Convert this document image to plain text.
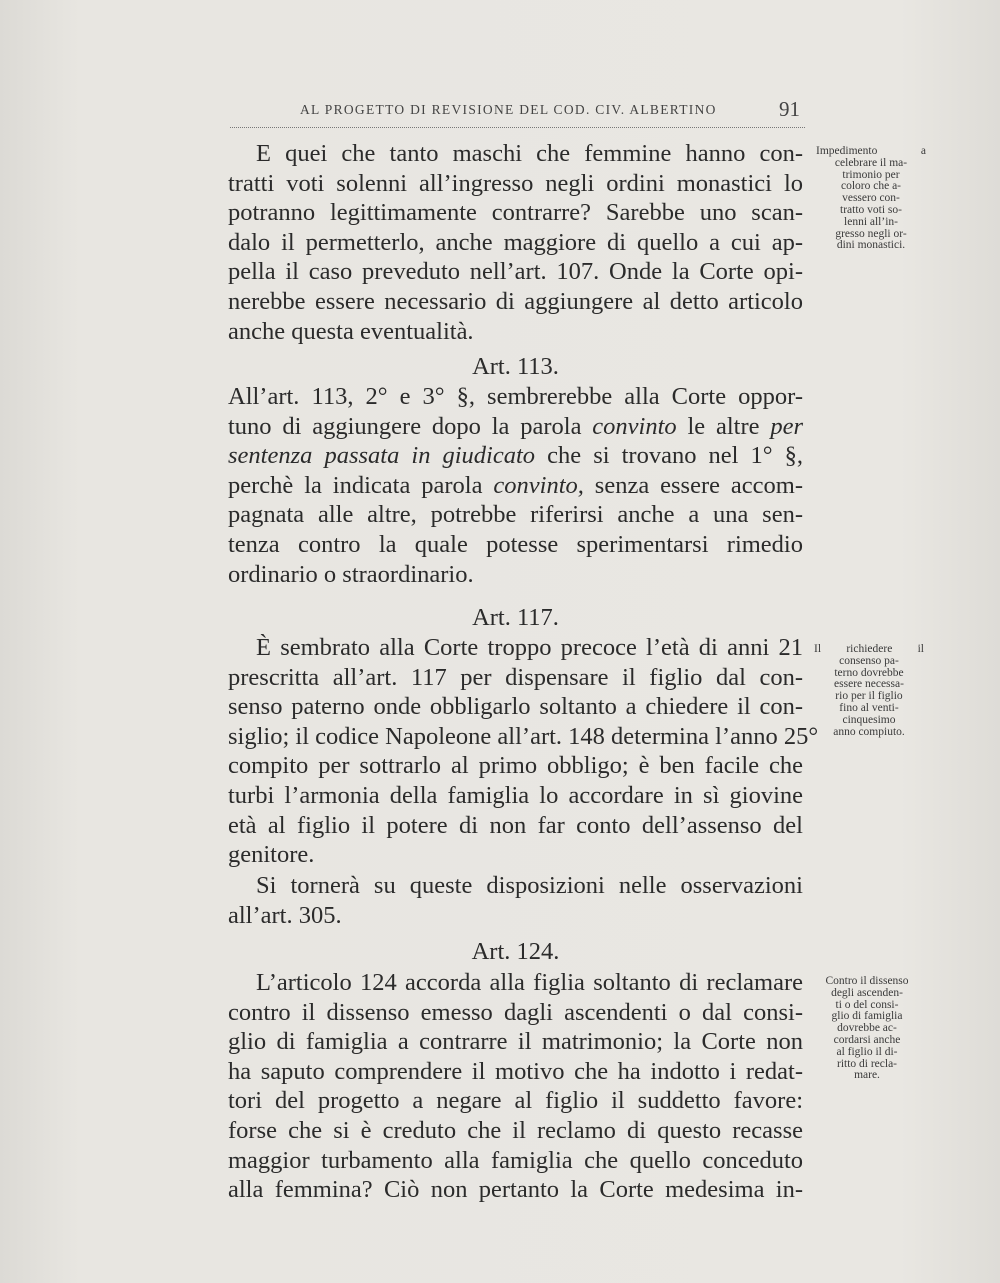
AL PROGETTO DI REVISIONE DEL COD. CIV. ALBERTINO	91
E quei che tanto maschi che femmine hanno con-
tratti voti solenni all’ingresso negli ordini monastici lo
potranno legittimamente contrarre? Sarebbe uno scan-
dalo il permetterlo, anche maggiore di quello a cui ap-
pella il caso preveduto nell’art. 107. Onde la Corte opi-
nerebbe essere necessario di aggiungere al detto articolo
anche questa eventualità.
Art. 113.
All’art. 113, 2° e 3° §, sembrerebbe alla Corte oppor-
tuno di aggiungere dopo la parola convinto le altre per
sentenza passata in giudicato che si trovano nel 1° §,
perchè la indicata parola convinto, senza essere accom-
pagnata alle altre, potrebbe riferirsi anche a una sen-
tenza contro la quale potesse sperimentarsi rimedio
ordinario o straordinario.
Art. 117.
È sembrato alla Corte troppo precoce l’età di anni 21
prescritta all’art. 117 per dispensare il figlio dal con-
senso paterno onde obbligarlo soltanto a chiedere il con-
siglio; il codice Napoleone all’art. 148 determina l’anno 25°
compito per sottrarlo al primo obbligo; è ben facile che
turbi l’armonia della famiglia lo accordare in sì giovine
età al figlio il potere di non far conto dell’assenso del
genitore.
Si tornerà su queste disposizioni nelle osservazioni
all’art. 305.
Art. 124.
L’articolo 124 accorda alla figlia soltanto di reclamare
contro il dissenso emesso dagli ascendenti o dal consi-
glio di famiglia a contrarre il matrimonio; la Corte non
ha saputo comprendere il motivo che ha indotto i redat-
tori del progetto a negare al figlio il suddetto favore:
forse che si è creduto che il reclamo di questo recasse
maggior turbamento alla famiglia che quello conceduto
alla femmina? Ciò non pertanto la Corte medesima in-
Impedimento a
celebrare il ma-
trimonio per
coloro che a-
vessero con-
tratto voti so-
lenni all’in-
gresso negli or-
dini monastici.
Il richiedere il
consenso pa-
terno dovrebbe
essere necessa-
rio per il figlio
fino al venti-
cinquesimo
anno compiuto.
Contro il dissenso
degli ascenden-
ti o del consi-
glio di famiglia
dovrebbe ac-
cordarsi anche
al figlio il di-
ritto di recla-
mare.
